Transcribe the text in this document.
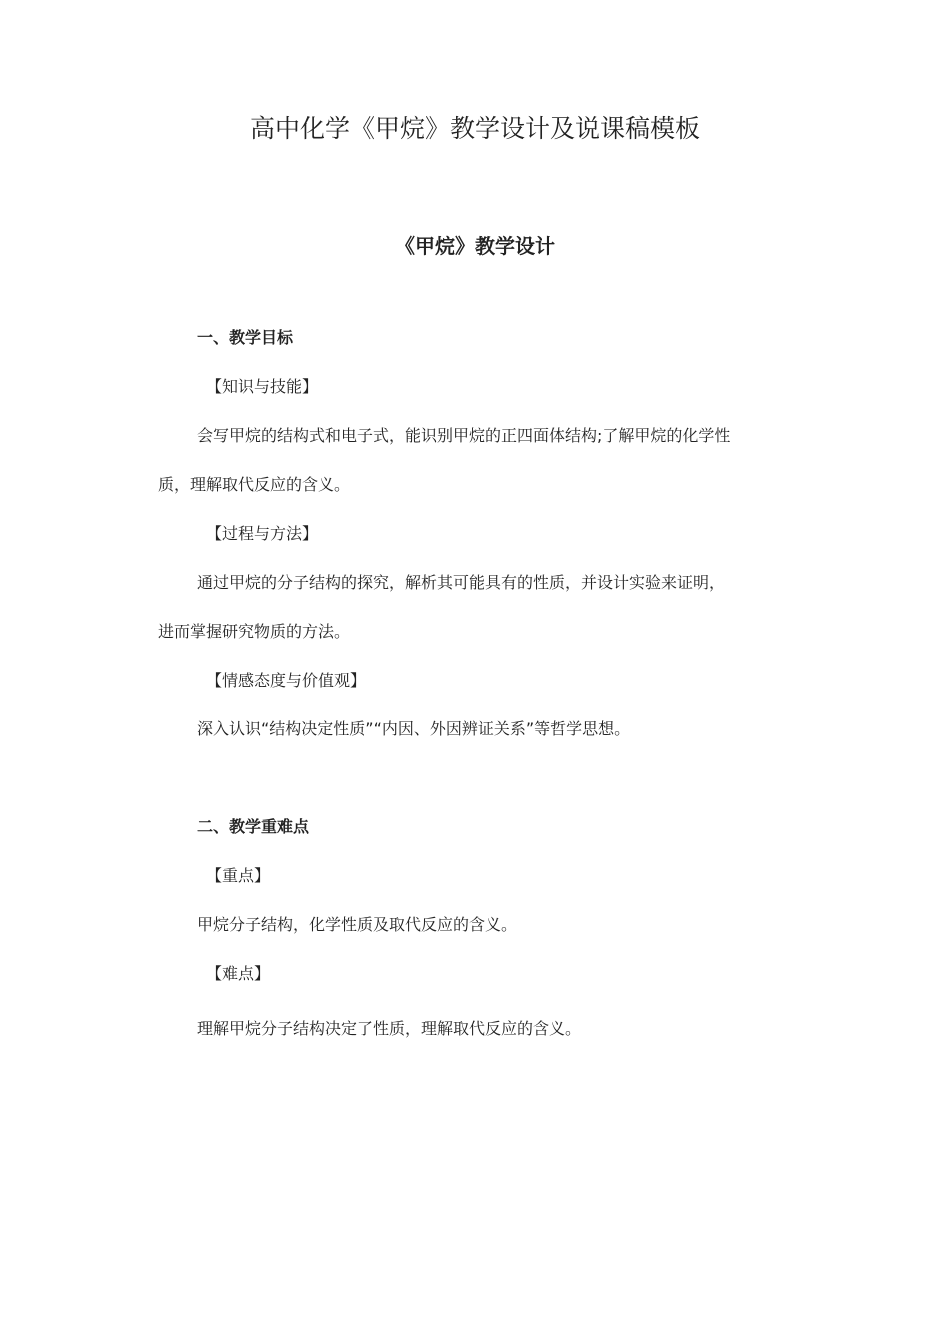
高中化学《甲烷》教学设计及说课稿模板
《甲烷》教学设计
一、教学目标
【知识与技能】
会写甲烷的结构式和电子式，能识别甲烷的正四面体结构;了解甲烷的化学性
质，理解取代反应的含义。
【过程与方法】
通过甲烷的分子结构的探究，解析其可能具有的性质，并设计实验来证明，
进而掌握研究物质的方法。
【情感态度与价值观】
深入认识“结构决定性质”“内因、外因辨证关系”等哲学思想。
二、教学重难点
【重点】
甲烷分子结构，化学性质及取代反应的含义。
【难点】
理解甲烷分子结构决定了性质，理解取代反应的含义。
